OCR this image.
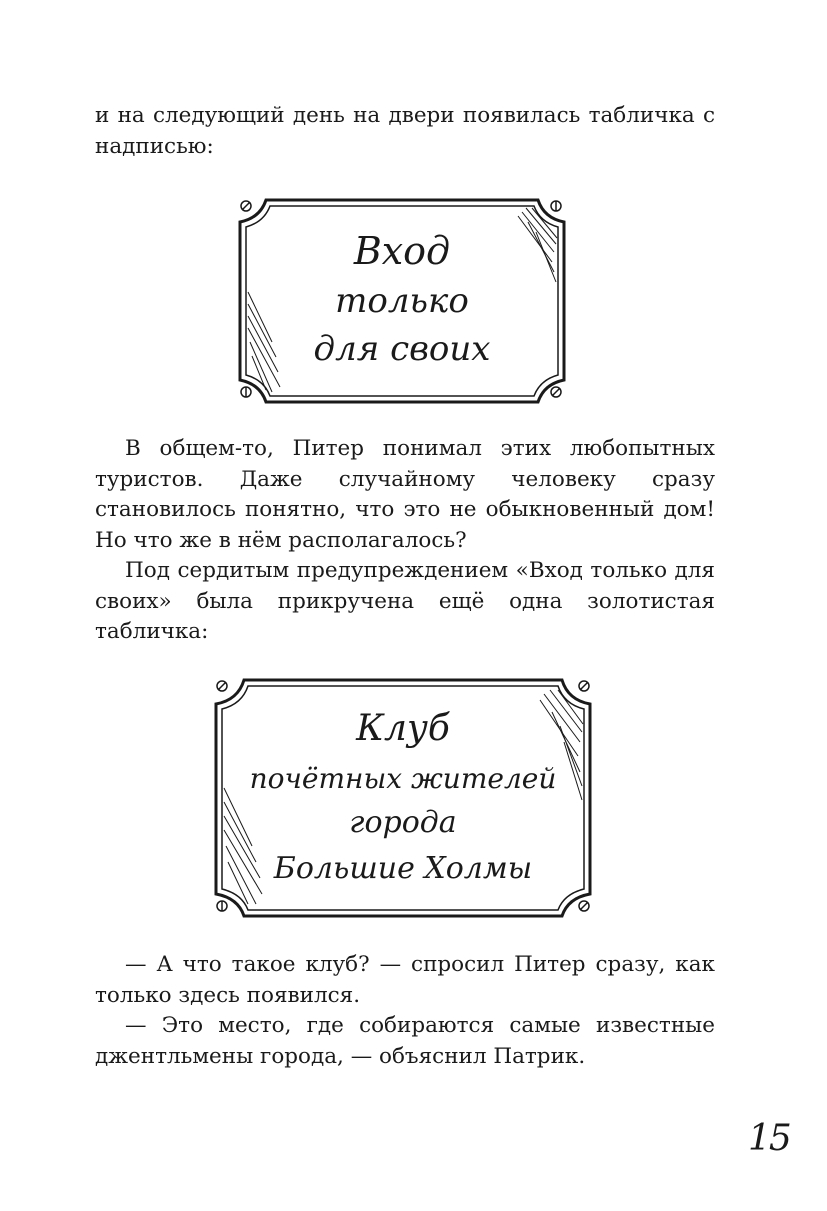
и на следующий день на двери появилась табличка с надписью:

Вход
только
для своих

В общем-то, Питер понимал этих любопытных туристов. Даже случайному человеку сразу становилось понятно, что это не обыкновенный дом! Но что же в нём располагалось?

Под сердитым предупреждением «Вход только для своих» была прикручена ещё одна золотистая табличка:

Клуб
почётных жителей
города
Большие Холмы

— А что такое клуб? — спросил Питер сразу, как только здесь появился.

— Это место, где собираются самые известные джентльмены города, — объяснил Патрик.

15
